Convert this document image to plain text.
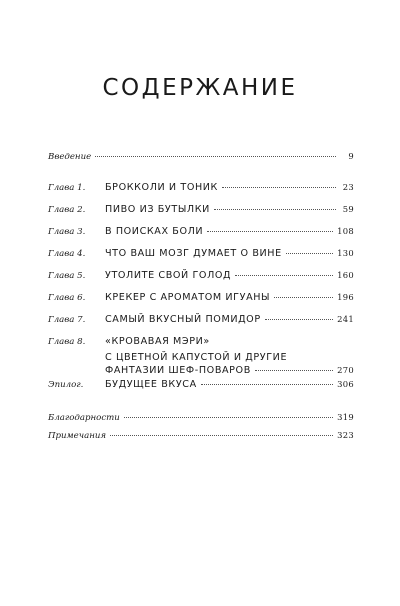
СОДЕРЖАНИЕ
Введение	9
Глава 1.	БРОККОЛИ И ТОНИК	23
Глава 2.	ПИВО ИЗ БУТЫЛКИ	59
Глава 3.	В ПОИСКАХ БОЛИ	108
Глава 4.	ЧТО ВАШ МОЗГ ДУМАЕТ О ВИНЕ	130
Глава 5.	УТОЛИТЕ СВОЙ ГОЛОД	160
Глава 6.	КРЕКЕР С АРОМАТОМ ИГУАНЫ	196
Глава 7.	САМЫЙ ВКУСНЫЙ ПОМИДОР	241
Глава 8.	«КРОВАВАЯ МЭРИ»
С ЦВЕТНОЙ КАПУСТОЙ И ДРУГИЕ
ФАНТАЗИИ ШЕФ-ПОВАРОВ	270
Эпилог.	БУДУЩЕЕ ВКУСА	306
Благодарности	319
Примечания	323
